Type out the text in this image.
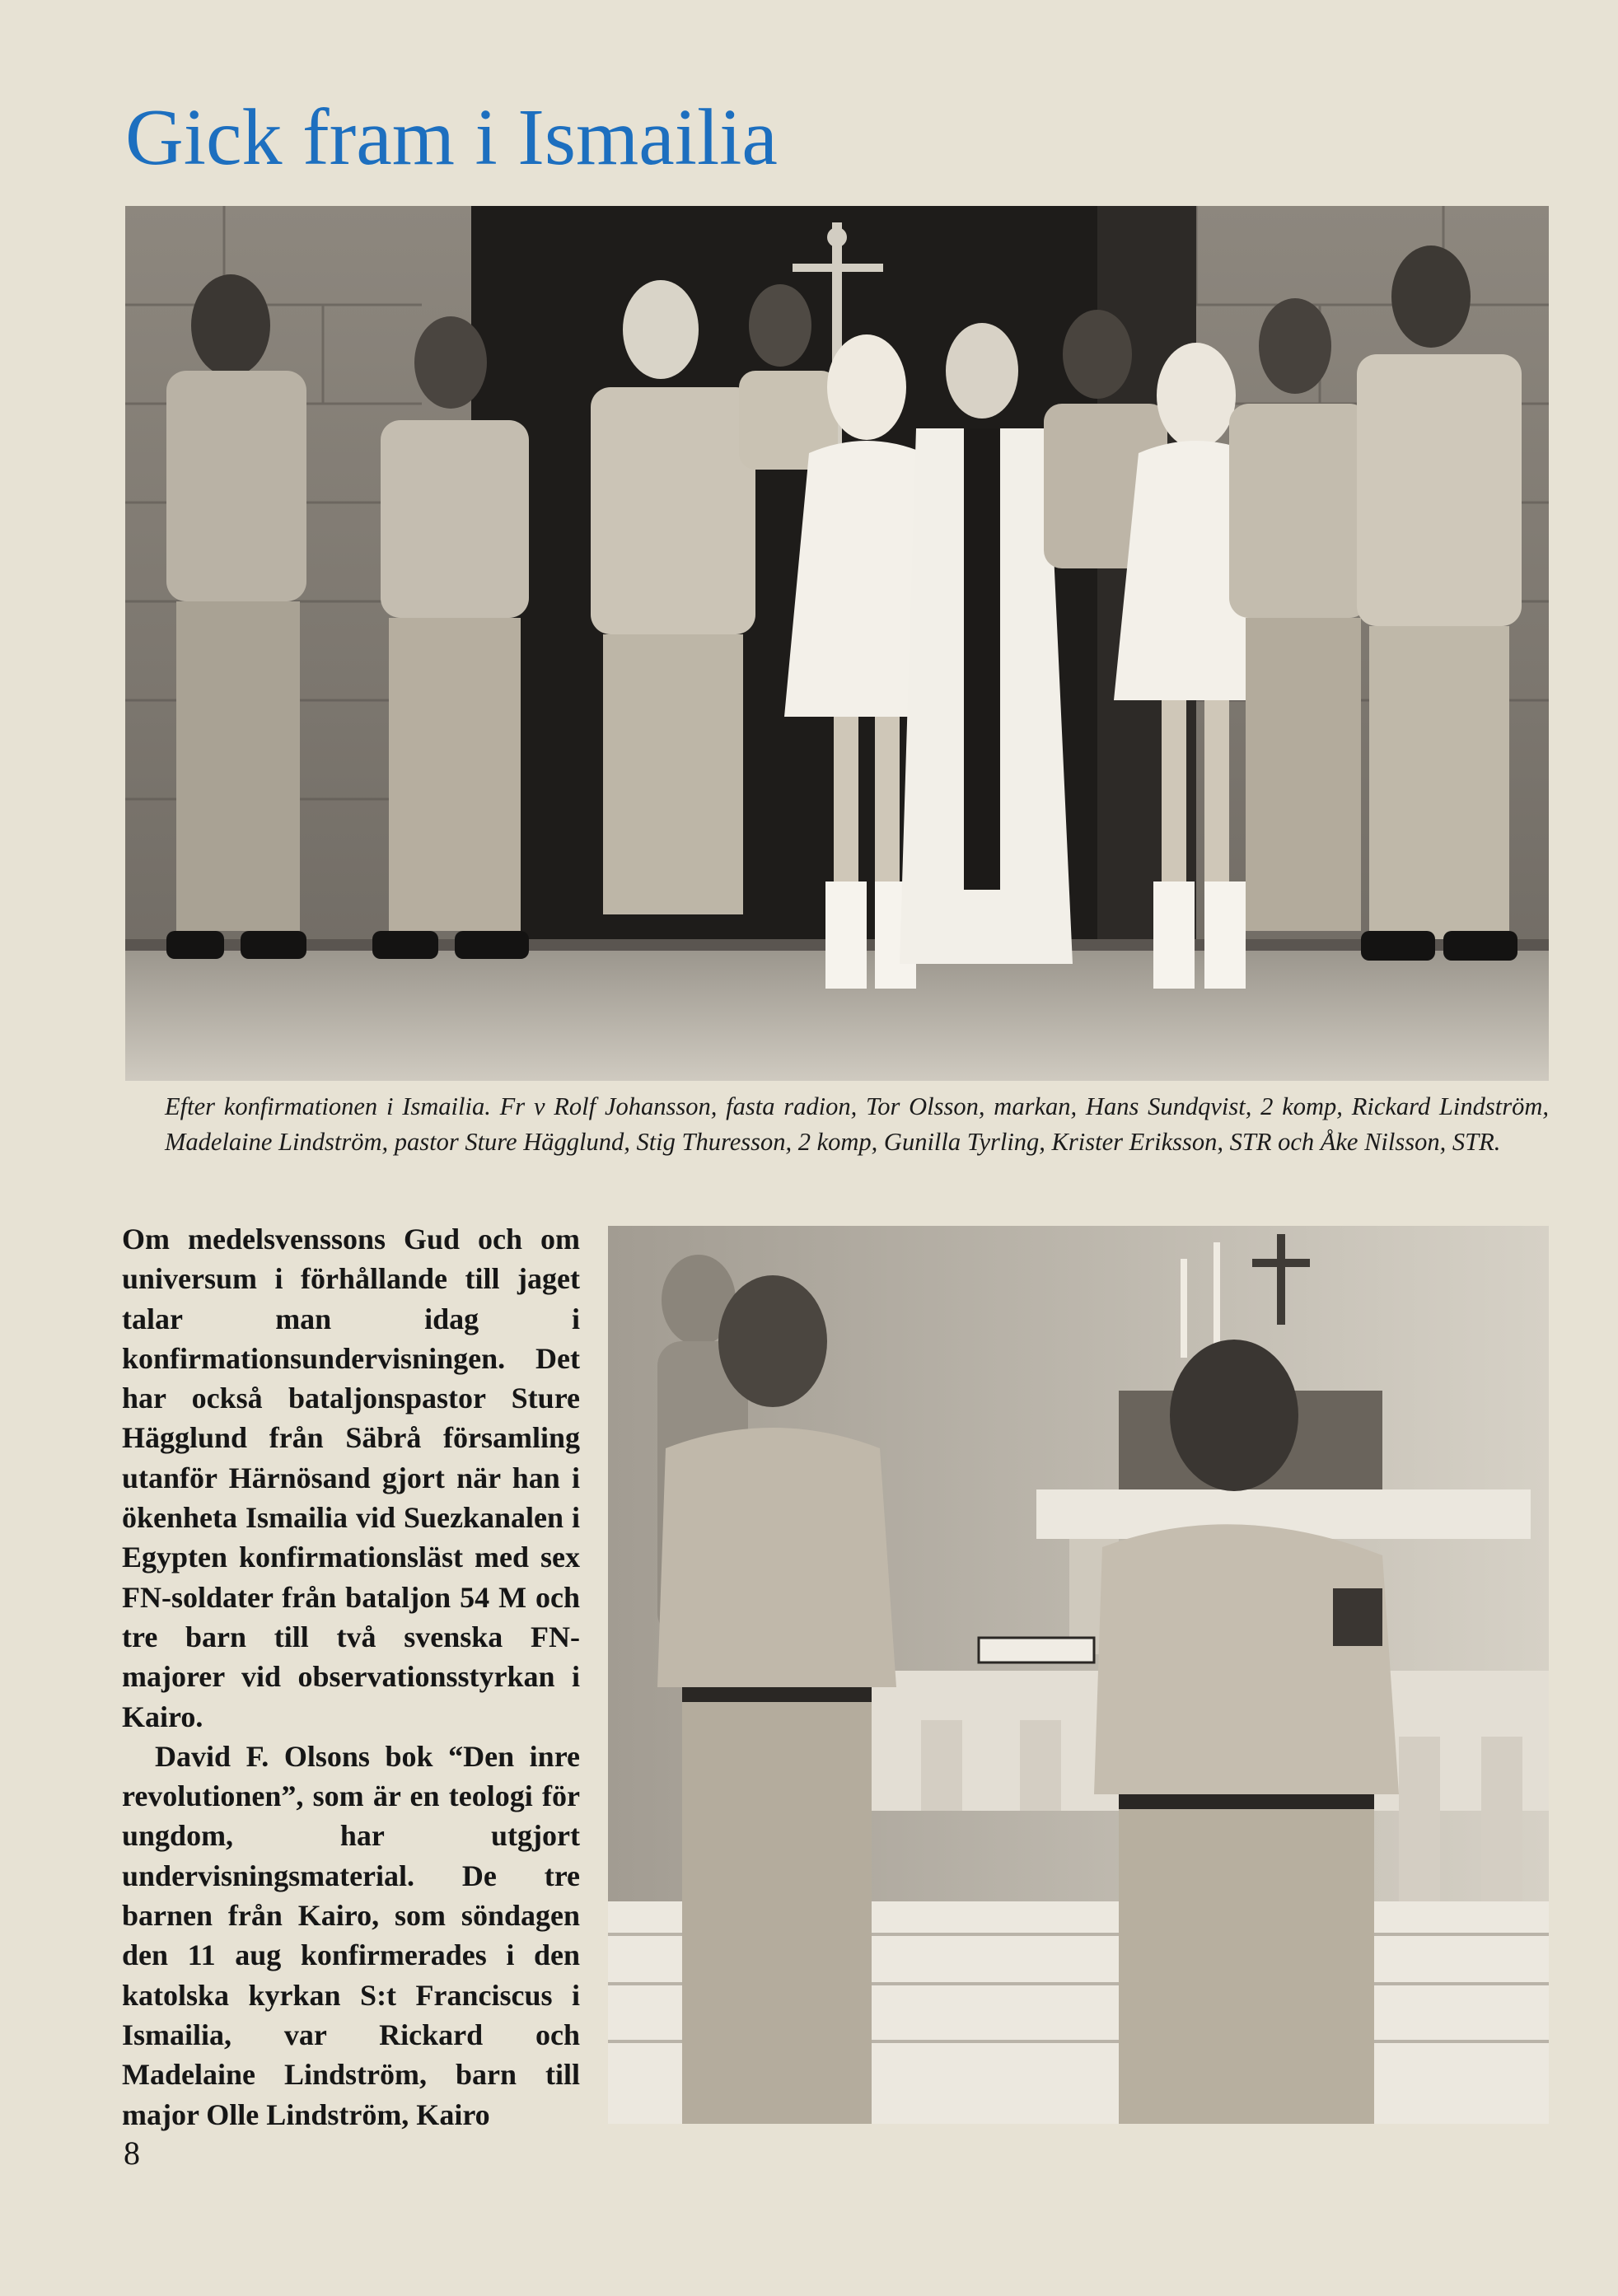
Gick fram i Ismailia

Efter konfirmationen i Ismailia. Fr v Rolf Johansson, fasta radion, Tor Olsson, markan, Hans Sundqvist, 2 komp, Rickard Lindström, Madelaine Lindström, pastor Sture Hägglund, Stig Thuresson, 2 komp, Gunilla Tyrling, Krister Eriksson, STR och Åke Nilsson, STR.

Om medelsvenssons Gud och om universum i förhållande till jaget talar man idag i konfirmationsundervisningen. Det har också bataljonspastor Sture Hägglund från Säbrå församling utanför Härnösand gjort när han i ökenheta Ismailia vid Suezkanalen i Egypten konfirmationsläst med sex FN-soldater från bataljon 54 M och tre barn till två svenska FN-majorer vid observationsstyrkan i Kairo.

David F. Olsons bok “Den inre revolutionen”, som är en teologi för ungdom, har utgjort undervisningsmaterial. De tre barnen från Kairo, som söndagen den 11 aug konfirmerades i den katolska kyrkan S:t Franciscus i Ismailia, var Rickard och Madelaine Lindström, barn till major Olle Lindström, Kairo

8
